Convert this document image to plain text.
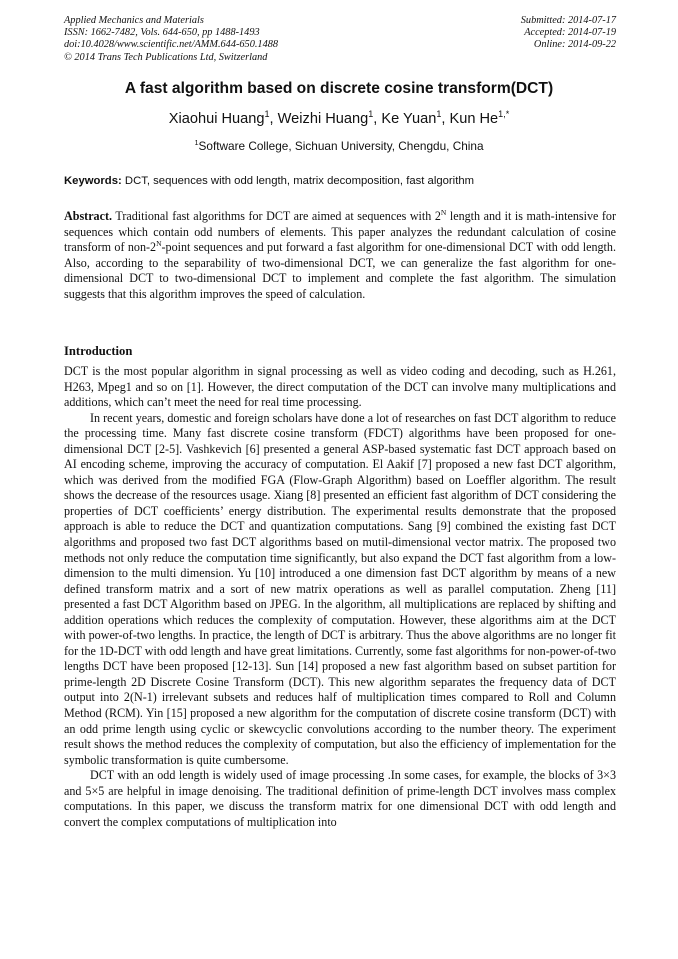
Applied Mechanics and Materials
ISSN: 1662-7482, Vols. 644-650, pp 1488-1493
doi:10.4028/www.scientific.net/AMM.644-650.1488
© 2014 Trans Tech Publications Ltd, Switzerland
Submitted: 2014-07-17
Accepted: 2014-07-19
Online: 2014-09-22
A fast algorithm based on discrete cosine transform(DCT)
Xiaohui Huang$^1$, Weizhi Huang$^1$, Ke Yuan$^1$, Kun $He^{1,*}$
$^1$Software College, Sichuan University, Chengdu, China
Keywords: DCT, sequences with odd length, matrix decomposition, fast algorithm
Abstract. Traditional fast algorithms for DCT are aimed at sequences with $2^N$ length and it is math-intensive for sequences which contain odd numbers of elements. This paper analyzes the redundant calculation of cosine transform of non-$2^N$-point sequences and put forward a fast algorithm for one-dimensional DCT with odd length. Also, according to the separability of two-dimensional DCT, we can generalize the fast algorithm for one-dimensional DCT to two-dimensional DCT to implement and complete the fast algorithm. The simulation suggests that this algorithm improves the speed of calculation.
Introduction

DCT is the most popular algorithm in signal processing as well as video coding and decoding, such as H.261, H263, Mpeg1 and so on [1]. However, the direct computation of the DCT can involve many multiplications and additions, which can’t meet the need for real time processing.

In recent years, domestic and foreign scholars have done a lot of researches on fast DCT algorithm to reduce the processing time. Many fast discrete cosine transform (FDCT) algorithms have been proposed for one-dimensional DCT [2-5]. Vashkevich [6] presented a general ASP-based systematic fast DCT approach based on AI encoding scheme, improving the accuracy of computation. El Aakif [7] proposed a new fast DCT algorithm, which was derived from the modified FGA (Flow-Graph Algorithm) based on Loeffler algorithm. The result shows the decrease of the resources usage. Xiang [8] presented an efficient fast algorithm of DCT considering the properties of DCT coefficients’ energy distribution. The experimental results demonstrate that the proposed approach is able to reduce the DCT and quantization computations. Sang [9] combined the existing fast DCT algorithms and proposed two fast DCT algorithms based on mutil-dimensional vector matrix. The proposed two methods not only reduce the computation time significantly, but also expand the DCT fast algorithm from a low-dimension to the multi dimension. Yu [10] introduced a one dimension fast DCT algorithm by means of a new defined transform matrix and a sort of new matrix operations as well as parallel computation. Zheng [11] presented a fast DCT Algorithm based on JPEG. In the algorithm, all multiplications are replaced by shifting and addition operations which reduces the complexity of computation. However, these algorithms aim at the DCT with power-of-two lengths. In practice, the length of DCT is arbitrary. Thus the above algorithms are no longer fit for the 1D-DCT with odd length and have great limitations. Currently, some fast algorithms for non-power-of-two lengths DCT have been proposed [12-13]. Sun [14] proposed a new fast algorithm based on subset partition for prime-length 2D Discrete Cosine Transform (DCT). This new algorithm separates the frequency data of DCT output into 2(N-1) irrelevant subsets and reduces half of multiplication times compared to Roll and Column Method (RCM). Yin [15] proposed a new algorithm for the computation of discrete cosine transform (DCT) with an odd prime length using cyclic or skewcyclic convolutions according to the number theory. The experiment result shows the method reduces the complexity of computation, but also the efficiency of implementation for the symbolic transformation is quite cumbersome.

DCT with an odd length is widely used of image processing .In some cases, for example, the blocks of 3×3 and 5×5 are helpful in image denoising. The traditional definition of prime-length DCT involves mass complex computations. In this paper, we discuss the transform matrix for one dimensional DCT with odd length and convert the complex computations of multiplication into
